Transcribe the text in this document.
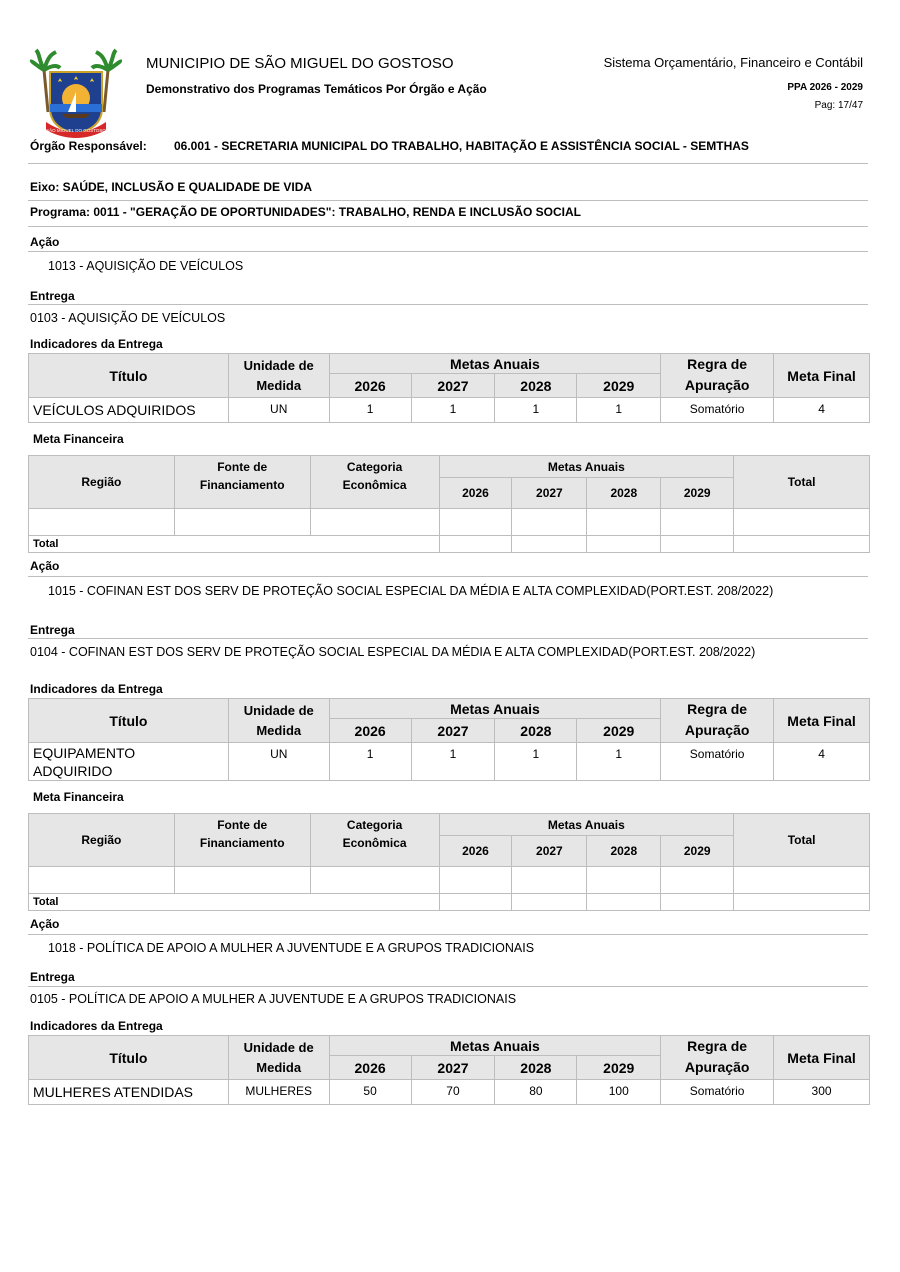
SÃO MIGUEL DO GOSTOSO
MUNICIPIO DE SÃO MIGUEL DO GOSTOSO
Demonstrativo dos Programas Temáticos Por Órgão e Ação
Sistema Orçamentário, Financeiro e Contábil
PPA 2026 - 2029
Pag: 17/47
Órgão Responsável: 06.001 - SECRETARIA MUNICIPAL DO TRABALHO, HABITAÇÃO E ASSISTÊNCIA SOCIAL - SEMTHAS
Eixo: SAÚDE, INCLUSÃO E QUALIDADE DE VIDA
Programa: 0011 - "GERAÇÃO DE OPORTUNIDADES": TRABALHO, RENDA E INCLUSÃO SOCIAL
Ação
1013 - AQUISIÇÃO DE VEÍCULOS
Entrega
0103 - AQUISIÇÃO DE VEÍCULOS
Indicadores da Entrega
Título	Unidade de	Metas Anuais				Regra de	Meta Final
	Medida	2026	2027	2028	2029	Apuração	
VEÍCULOS ADQUIRIDOS	UN	1	1	1	1	Somatório	4
Meta Financeira
Região	Fonte de	Categoria	Metas Anuais				Total
	Financiamento	Econômica	2026	2027	2028	2029	

Total							
Ação
1015 - COFINAN EST DOS SERV DE PROTEÇÃO SOCIAL ESPECIAL DA MÉDIA E ALTA COMPLEXIDAD(PORT.EST. 208/2022)
Entrega
0104 - COFINAN EST DOS SERV DE PROTEÇÃO SOCIAL ESPECIAL DA MÉDIA E ALTA COMPLEXIDAD(PORT.EST. 208/2022)
Indicadores da Entrega
Título	Unidade de	Metas Anuais				Regra de	Meta Final
	Medida	2026	2027	2028	2029	Apuração	
EQUIPAMENTO ADQUIRIDO	UN	1	1	1	1	Somatório	4
Meta Financeira
Região	Fonte de	Categoria	Metas Anuais				Total
	Financiamento	Econômica	2026	2027	2028	2029	

Total							
Ação
1018 - POLÍTICA DE APOIO A MULHER A JUVENTUDE E A GRUPOS TRADICIONAIS
Entrega
0105 - POLÍTICA DE APOIO A MULHER A JUVENTUDE E A GRUPOS TRADICIONAIS
Indicadores da Entrega
Título	Unidade de	Metas Anuais				Regra de	Meta Final
	Medida	2026	2027	2028	2029	Apuração	
MULHERES ATENDIDAS	MULHERES	50	70	80	100	Somatório	300
